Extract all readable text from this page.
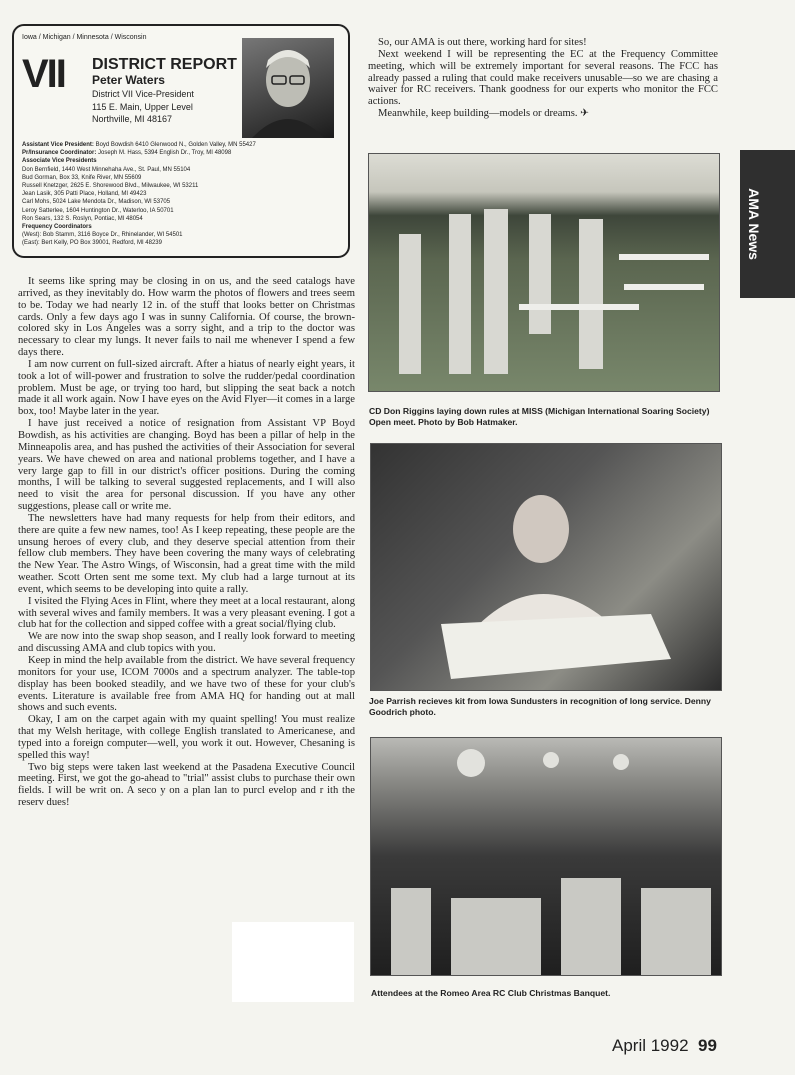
Iowa / Michigan / Minnesota / Wisconsin
VII DISTRICT REPORT
Peter Waters
District VII Vice-President
115 E. Main, Upper Level
Northville, MI 48167
Assistant Vice President: Boyd Bowdish 6410 Glenwood N., Golden Valley, MN 55427
Pr/Insurance Coordinator: Joseph M. Hass, 5394 English Dr., Troy, MI 48098
Associate Vice Presidents
Don Bernfield, 1440 West Minnehaha Ave., St. Paul, MN 55104
Bud Gorman, Box 33, Knife River, MN 55609
Russell Knetzger, 2625 E. Shorewood Blvd., Milwaukee, WI 53211
Jean Lasik, 305 Patti Place, Holland, MI 49423
Carl Mohs, 5024 Lake Mendota Dr., Madison, WI 53705
Leroy Satterlee, 1604 Huntington Dr., Waterloo, IA 50701
Ron Sears, 132 S. Roslyn, Pontiac, MI 48054
Frequency Coordinators
(West): Bob Stamm, 3116 Boyce Dr., Rhinelander, WI 54501
(East): Bert Kelly, PO Box 39001, Redford, MI 48239

It seems like spring may be closing in on us, and the seed catalogs have arrived, as they inevitably do. How warm the photos of flowers and trees seem to be. Today we had nearly 12 in. of the stuff that looks better on Christmas cards. Only a few days ago I was in sunny California. Of course, the brown-colored sky in Los Angeles was a sorry sight, and a trip to the doctor was necessary to clear my lungs. It never fails to nail me whenever I spend a few days there.

I am now current on full-sized aircraft. After a hiatus of nearly eight years, it took a lot of will-power and frustration to solve the rudder/pedal coordination problem. Must be age, or trying too hard, but slipping the seat back a notch made it all work again. Now I have eyes on the Avid Flyer—it comes in a large box, too! Maybe later in the year.

I have just received a notice of resignation from Assistant VP Boyd Bowdish, as his activities are changing. Boyd has been a pillar of help in the Minneapolis area, and has pushed the activities of their Association for several years. We have chewed on area and national problems together, and I have a very large gap to fill in our district's officer positions. During the coming months, I will be talking to several suggested replacements, and I will also need to visit the area for personal discussion. If you have any other suggestions, please call or write me.

The newsletters have had many requests for help from their editors, and there are quite a few new names, too! As I keep repeating, these people are the unsung heroes of every club, and they deserve special attention from their fellow club members. They have been covering the many ways of celebrating the New Year. The Astro Wings, of Wisconsin, had a great time with the mild weather. Scott Orten sent me some text. My club had a large turnout at its event, which seems to be developing into quite a rally.

I visited the Flying Aces in Flint, where they meet at a local restaurant, along with several wives and family members. It was a very pleasant evening. I got a club hat for the collection and sipped coffee with a great social/flying club.

We are now into the swap shop season, and I really look forward to meeting and discussing AMA and club topics with you.

Keep in mind the help available from the district. We have several frequency monitors for your use, ICOM 7000s and a spectrum analyzer. The table-top display has been booked steadily, and we have two of these for your club's events. Literature is available free from AMA HQ for handing out at mall shows and such events.

Okay, I am on the carpet again with my quaint spelling! You must realize that my Welsh heritage, with college English translated to Americanese, and typed into a foreign computer—well, you work it out. However, Chesaning is spelled this way!

Two big steps were taken last weekend at the Pasadena Executive Council meeting. First, we got the go-ahead to "trial" assist clubs to purchase their own fields. I will be writ on. A seco y on a plan lan to purcl evelop and r ith the reserv dues!

So, our AMA is out there, working hard for sites!

Next weekend I will be representing the EC at the Frequency Committee meeting, which will be extremely important for several reasons. The FCC has already passed a ruling that could make receivers unusable—so we are chasing a waiver for RC receivers. Thank goodness for our experts who monitor the FCC actions.

Meanwhile, keep building—models or dreams. ✈

CD Don Riggins laying down rules at MISS (Michigan International Soaring Society) Open meet. Photo by Bob Hatmaker.
Joe Parrish recieves kit from Iowa Sundusters in recognition of long service. Denny Goodrich photo.
Attendees at the Romeo Area RC Club Christmas Banquet.
AMA News
April 1992 99
